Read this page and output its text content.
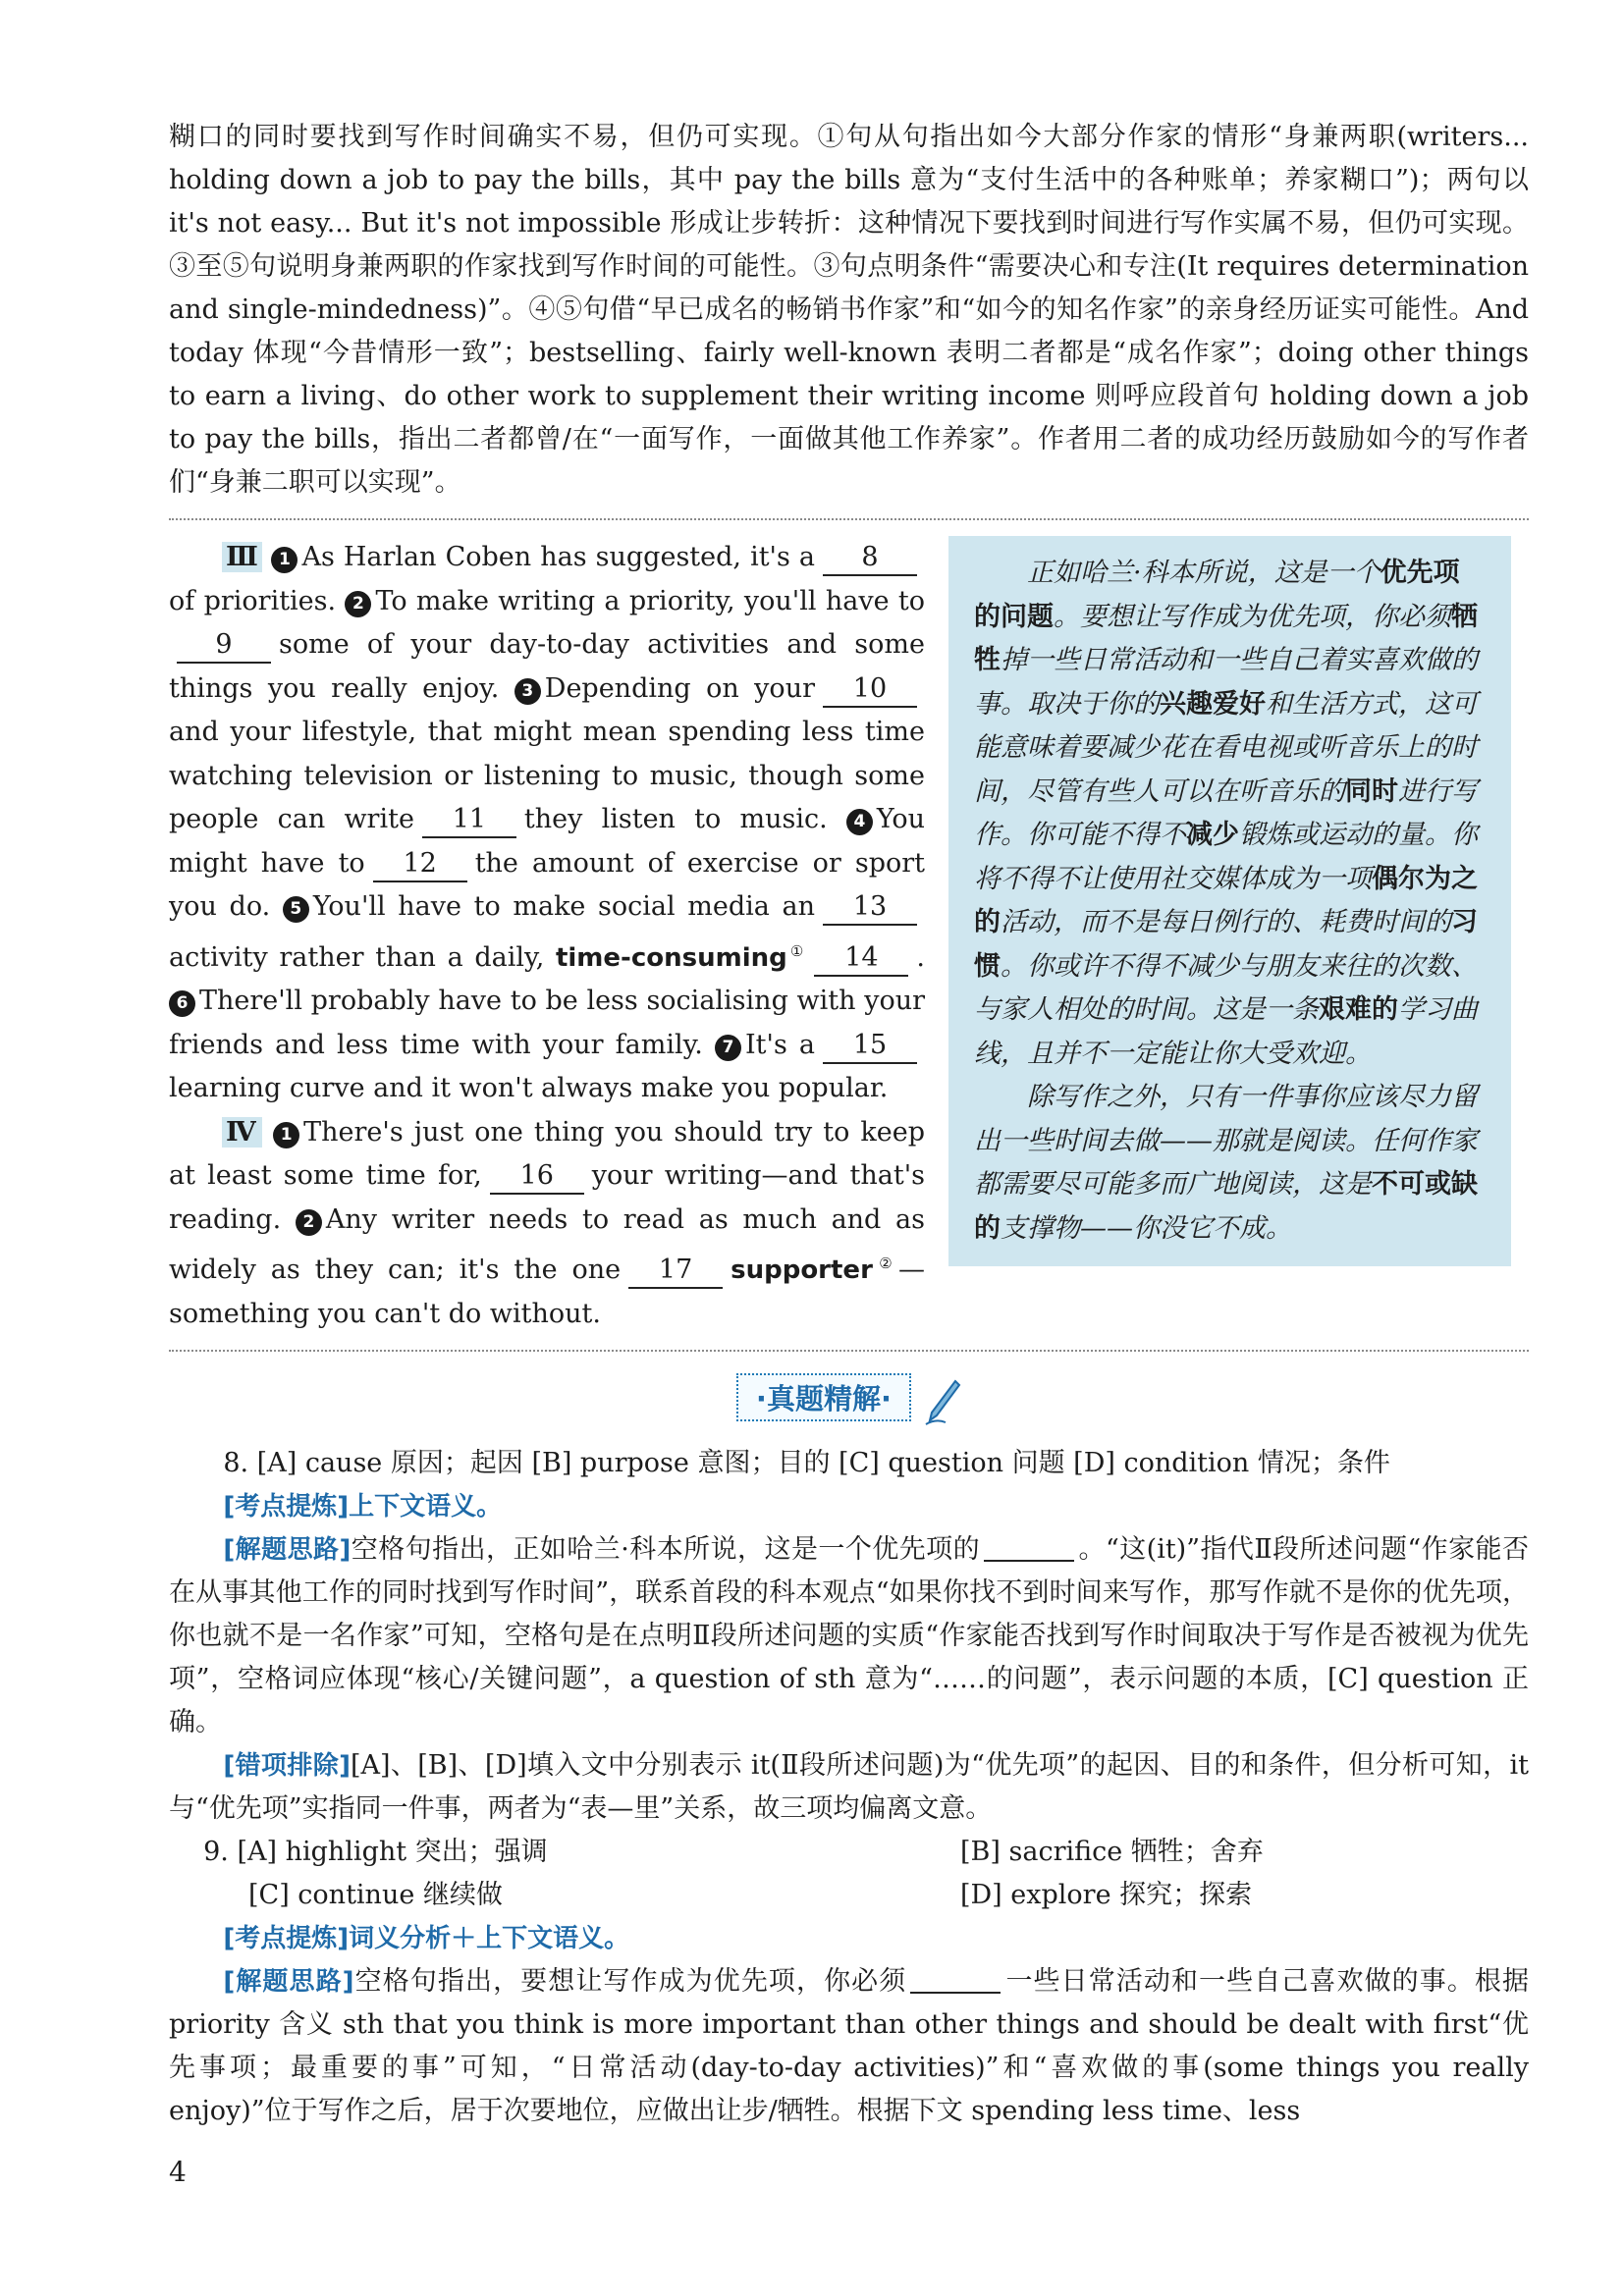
糊口的同时要找到写作时间确实不易，但仍可实现。①句从句指出如今大部分作家的情形“身兼两职(writers... holding down a job to pay the bills，其中 pay the bills 意为“支付生活中的各种账单；养家糊口”)；两句以 it's not easy... But it's not impossible 形成让步转折：这种情况下要找到时间进行写作实属不易，但仍可实现。③至⑤句说明身兼两职的作家找到写作时间的可能性。③句点明条件“需要决心和专注(It requires determination and single-mindedness)”。④⑤句借“早已成名的畅销书作家”和“如今的知名作家”的亲身经历证实可能性。And today 体现“今昔情形一致”；bestselling、fairly well-known 表明二者都是“成名作家”；doing other things to earn a living、do other work to supplement their writing income 则呼应段首句 holding down a job to pay the bills，指出二者都曾/在“一面写作，一面做其他工作养家”。作者用二者的成功经历鼓励如今的写作者们“身兼二职可以实现”。

Ⅲ 1 As Harlan Coben has suggested, it's a 8of priorities. 2 To make writing a priority, you'll have to9 some of your day-to-day activities and some things you really enjoy. 3 Depending on your 10and your lifestyle, that might mean spending less time watching television or listening to music, though some people can write 11 they listen to music. 4 You might have to 12 the amount of exercise or sport you do. 5 You'll have to make social media an 13activity rather than a daily, time-consuming① 14 . 6 There'll probably have to be less socialising with your friends and less time with your family. 7 It's a 15learning curve and it won't always make you popular.

Ⅳ 1 There's just one thing you should try to keep at least some time for, 16 your writing—and that's reading. 2 Any writer needs to read as much and as widely as they can; it's the one 17 supporter②— something you can't do without.

正如哈兰·科本所说，这是一个优先项的问题。要想让写作成为优先项，你必须牺牲掉一些日常活动和一些自己着实喜欢做的事。取决于你的兴趣爱好和生活方式，这可能意味着要减少花在看电视或听音乐上的时间，尽管有些人可以在听音乐的同时进行写作。你可能不得不减少锻炼或运动的量。你将不得不让使用社交媒体成为一项偶尔为之的活动，而不是每日例行的、耗费时间的习惯。你或许不得不减少与朋友来往的次数、与家人相处的时间。这是一条艰难的学习曲线，且并不一定能让你大受欢迎。

除写作之外，只有一件事你应该尽力留出一些时间去做——那就是阅读。任何作家都需要尽可能多而广地阅读，这是不可或缺的支撑物——你没它不成。

·真题精解·

8. [A] cause 原因；起因 [B] purpose 意图；目的 [C] question 问题 [D] condition 情况；条件

[考点提炼]上下文语义。

[解题思路]空格句指出，正如哈兰·科本所说，这是一个优先项的	。“这(it)”指代Ⅱ段所述问题“作家能否在从事其他工作的同时找到写作时间”，联系首段的科本观点“如果你找不到时间来写作，那写作就不是你的优先项，你也就不是一名作家”可知，空格句是在点明Ⅱ段所述问题的实质“作家能否找到写作时间取决于写作是否被视为优先项”，空格词应体现“核心/关键问题”，a question of sth 意为“……的问题”，表示问题的本质，[C] question 正确。

[错项排除][A]、[B]、[D]填入文中分别表示 it(Ⅱ段所述问题)为“优先项”的起因、目的和条件，但分析可知，it 与“优先项”实指同一件事，两者为“表—里”关系，故三项均偏离文意。

9. [A] highlight 突出；强调	[B] sacrifice 牺牲；舍弃
[C] continue 继续做	[D] explore 探究；探索

[考点提炼]词义分析＋上下文语义。

[解题思路]空格句指出，要想让写作成为优先项，你必须	一些日常活动和一些自己喜欢做的事。根据 priority 含义 sth that you think is more important than other things and should be dealt with first“优先事项；最重要的事”可知，“日常活动(day-to-day activities)”和“喜欢做的事(some things you really enjoy)”位于写作之后，居于次要地位，应做出让步/牺牲。根据下文 spending less time、less

4
